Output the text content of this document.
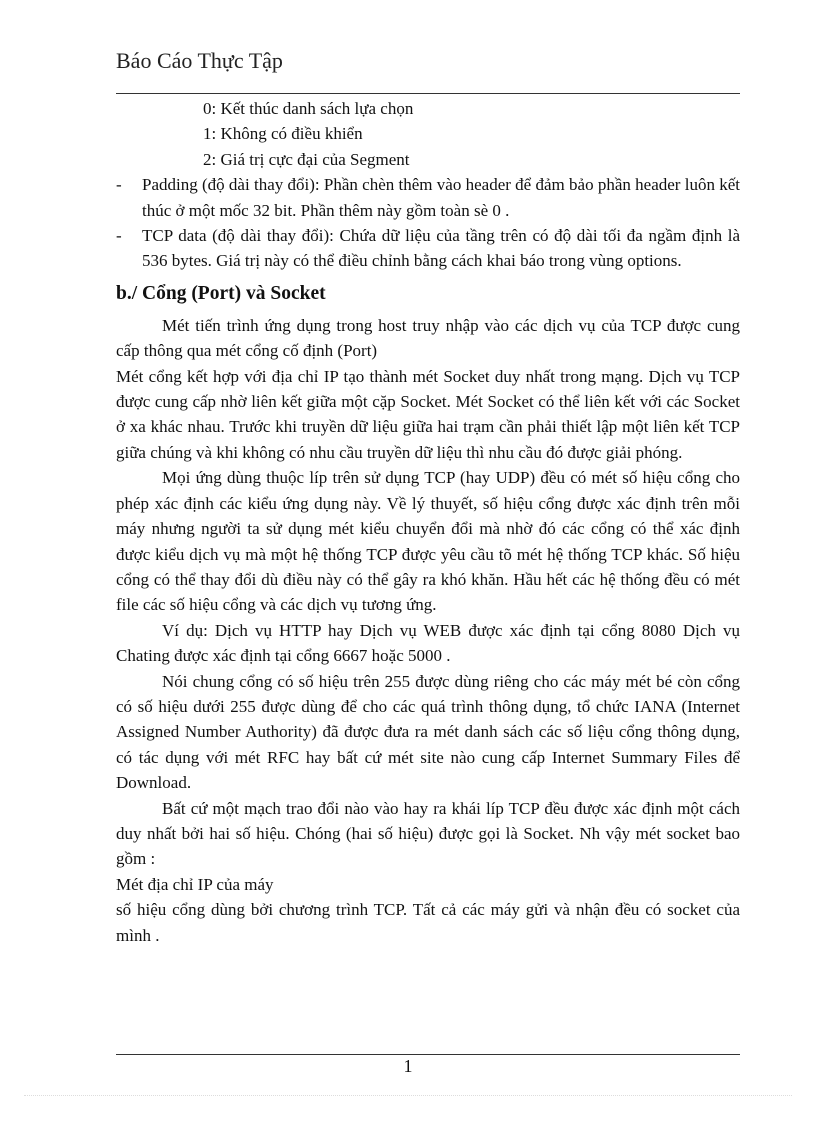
Báo Cáo Thực Tập
0: Kết thúc danh sách lựa chọn
1: Không có điều khiển
2: Giá trị cực đại của Segment
- Padding (độ dài thay đổi): Phần chèn thêm vào header để đảm bảo phần header luôn kết thúc ở một mốc 32 bit. Phần thêm này gồm toàn sè 0 .
- TCP data (độ dài thay đổi): Chứa dữ liệu của tầng trên có độ dài tối đa ngầm định là 536 bytes. Giá trị này có thể điều chỉnh bằng cách khai báo trong vùng options.
b./ Cổng (Port) và Socket
Mét tiến trình ứng dụng trong host truy nhập vào các dịch vụ của TCP được cung cấp thông qua mét cổng cố định (Port)
Mét cổng kết hợp với địa chỉ IP tạo thành mét Socket duy nhất trong mạng. Dịch vụ TCP được cung cấp nhờ liên kết giữa một cặp Socket. Mét Socket có thể liên kết với các Socket ở xa khác nhau. Trước khi truyền dữ liệu giữa hai trạm cần phải thiết lập một liên kết TCP giữa chúng và khi không có nhu cầu truyền dữ liệu thì nhu cầu đó được giải phóng.
Mọi ứng dùng thuộc líp trên sử dụng TCP (hay UDP) đều có mét số hiệu cổng cho phép xác định các kiểu ứng dụng này. Về lý thuyết, số hiệu cổng được xác định trên mỗi máy nhưng người ta sử dụng mét kiểu chuyển đổi mà nhờ đó các cổng có thể xác định được kiểu dịch vụ mà một hệ thống TCP được yêu cầu tõ mét hệ thống TCP khác. Số hiệu cổng có thể thay đổi dù điều này có thể gây ra khó khăn. Hầu hết các hệ thống đều có mét file các số hiệu cổng và các dịch vụ tương ứng.
Ví dụ: Dịch vụ HTTP hay Dịch vụ WEB được xác định tại cổng 8080 Dịch vụ Chating được xác định tại cổng 6667 hoặc 5000 .
Nói chung cổng có số hiệu trên 255 được dùng riêng cho các máy mét bé còn cổng có số hiệu dưới 255 được dùng để cho các quá trình thông dụng, tổ chức IANA (Internet Assigned Number Authority) đã được đưa ra mét danh sách các số liệu cổng thông dụng, có tác dụng với mét RFC hay bất cứ mét site nào cung cấp Internet Summary Files để Download.
Bất cứ một mạch trao đổi nào vào hay ra khái líp TCP đều được xác định một cách duy nhất bởi hai số hiệu. Chóng (hai số hiệu) được gọi là Socket. Nh vậy mét socket bao gồm :
Mét địa chỉ IP của máy
số hiệu cổng dùng bởi chương trình TCP. Tất cả các máy gửi và nhận đều có socket của mình .
1
